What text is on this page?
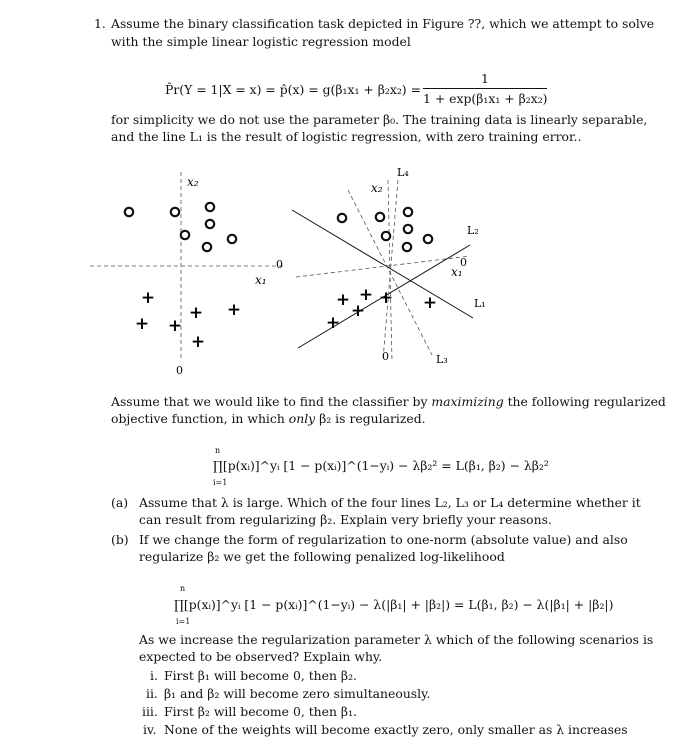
1. Assume the binary classification task depicted in Figure ??, which we attempt to solve
with the simple linear logistic regression model
P̂r(Y = 1|X = x) = p̂(x) = g(β₁x₁ + β₂x₂) =
1
1 + exp(β₁x₁ + β₂x₂)
for simplicity we do not use the parameter β₀. The training data is linearly separable,
and the line L₁ is the result of logistic regression, with zero training error..
x₂
x₁
0
0
+
+ +
+ +
+
L₄
L₂
L₁
L₃
x₂
x₁
0
0
+ +
+
+ +
+
Assume that we would like to find the classifier by maximizing the following regularized
objective function, in which only β₂ is regularized.
n
∏[p(xᵢ)]^yᵢ [1 − p(xᵢ)]^(1−yᵢ) − λβ₂² = L(β₁, β₂) − λβ₂²
i=1
(a) Assume that λ is large. Which of the four lines L₂, L₃ or L₄ determine whether it
can result from regularizing β₂. Explain very briefly your reasons.
(b) If we change the form of regularization to one-norm (absolute value) and also
regularize β₂ we get the following penalized log-likelihood
n
∏[p(xᵢ)]^yᵢ [1 − p(xᵢ)]^(1−yᵢ) − λ(|β₁| + |β₂|) = L(β₁, β₂) − λ(|β₁| + |β₂|)
i=1
As we increase the regularization parameter λ which of the following scenarios is
expected to be observed? Explain why.
i. First β₁ will become 0, then β₂.
ii. β₁ and β₂ will become zero simultaneously.
iii. First β₂ will become 0, then β₁.
iv. None of the weights will become exactly zero, only smaller as λ increases
